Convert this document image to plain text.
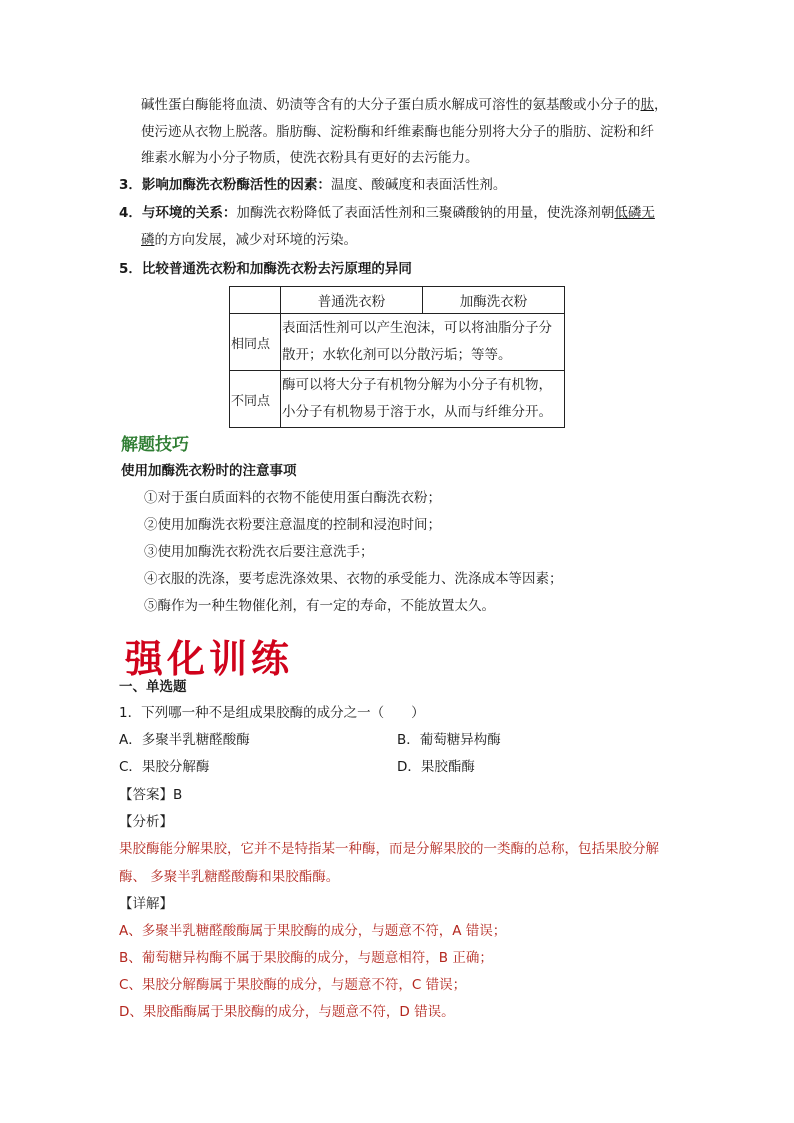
碱性蛋白酶能将血渍、奶渍等含有的大分子蛋白质水解成可溶性的氨基酸或小分子的肽，
使污迹从衣物上脱落。脂肪酶、淀粉酶和纤维素酶也能分别将大分子的脂肪、淀粉和纤
维素水解为小分子物质，使洗衣粉具有更好的去污能力。
3．影响加酶洗衣粉酶活性的因素：温度、酸碱度和表面活性剂。
4．与环境的关系：加酶洗衣粉降低了表面活性剂和三聚磷酸钠的用量，使洗涤剂朝低磷无
磷的方向发展，减少对环境的污染。
5．比较普通洗衣粉和加酶洗衣粉去污原理的异同
	普通洗衣粉	加酶洗衣粉
相同点	表面活性剂可以产生泡沫，可以将油脂分子分
散开；水软化剂可以分散污垢；等等。	

不同点	酶可以将大分子有机物分解为小分子有机物，
小分子有机物易于溶于水，从而与纤维分开。	
解题技巧
使用加酶洗衣粉时的注意事项
①对于蛋白质面料的衣物不能使用蛋白酶洗衣粉；
②使用加酶洗衣粉要注意温度的控制和浸泡时间；
③使用加酶洗衣粉洗衣后要注意洗手；
④衣服的洗涤，要考虑洗涤效果、衣物的承受能力、洗涤成本等因素；
⑤酶作为一种生物催化剂，有一定的寿命，不能放置太久。
强化训练
一、单选题
1．下列哪一种不是组成果胶酶的成分之一（　　）
A．多聚半乳糖醛酸酶	B．葡萄糖异构酶
C．果胶分解酶	D．果胶酯酶
【答案】B
【分析】
果胶酶能分解果胶，它并不是特指某一种酶，而是分解果胶的一类酶的总称，包括果胶分解
酶、 多聚半乳糖醛酸酶和果胶酯酶。
【详解】
A、多聚半乳糖醛酸酶属于果胶酶的成分，与题意不符，A 错误；
B、葡萄糖异构酶不属于果胶酶的成分，与题意相符，B 正确；
C、果胶分解酶属于果胶酶的成分，与题意不符，C 错误；
D、果胶酯酶属于果胶酶的成分，与题意不符，D 错误。
